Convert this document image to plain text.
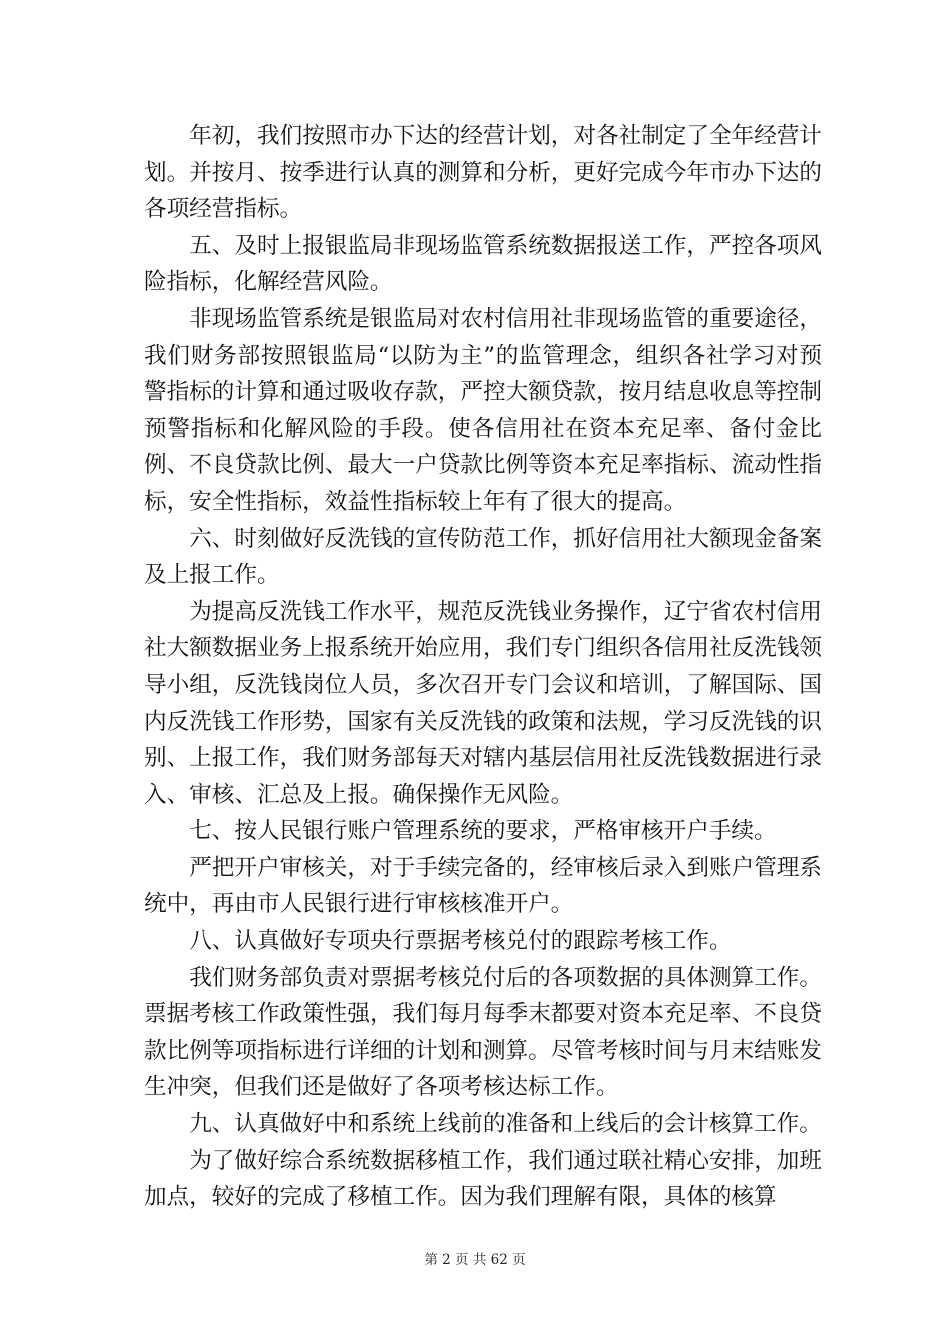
年初，我们按照市办下达的经营计划，对各社制定了全年经营计划。并按月、按季进行认真的测算和分析，更好完成今年市办下达的各项经营指标。

五、及时上报银监局非现场监管系统数据报送工作，严控各项风险指标，化解经营风险。

非现场监管系统是银监局对农村信用社非现场监管的重要途径，我们财务部按照银监局“以防为主”的监管理念，组织各社学习对预警指标的计算和通过吸收存款，严控大额贷款，按月结息收息等控制预警指标和化解风险的手段。使各信用社在资本充足率、备付金比例、不良贷款比例、最大一户贷款比例等资本充足率指标、流动性指标，安全性指标，效益性指标较上年有了很大的提高。

六、时刻做好反洗钱的宣传防范工作，抓好信用社大额现金备案及上报工作。

为提高反洗钱工作水平，规范反洗钱业务操作，辽宁省农村信用社大额数据业务上报系统开始应用，我们专门组织各信用社反洗钱领导小组，反洗钱岗位人员，多次召开专门会议和培训，了解国际、国内反洗钱工作形势，国家有关反洗钱的政策和法规，学习反洗钱的识别、上报工作，我们财务部每天对辖内基层信用社反洗钱数据进行录入、审核、汇总及上报。确保操作无风险。

七、按人民银行账户管理系统的要求，严格审核开户手续。

严把开户审核关，对于手续完备的，经审核后录入到账户管理系统中，再由市人民银行进行审核核准开户。

八、认真做好专项央行票据考核兑付的跟踪考核工作。

我们财务部负责对票据考核兑付后的各项数据的具体测算工作。票据考核工作政策性强，我们每月每季末都要对资本充足率、不良贷款比例等项指标进行详细的计划和测算。尽管考核时间与月末结账发生冲突，但我们还是做好了各项考核达标工作。

九、认真做好中和系统上线前的准备和上线后的会计核算工作。

为了做好综合系统数据移植工作，我们通过联社精心安排，加班加点，较好的完成了移植工作。因为我们理解有限，具体的核算

第 2 页 共 62 页
